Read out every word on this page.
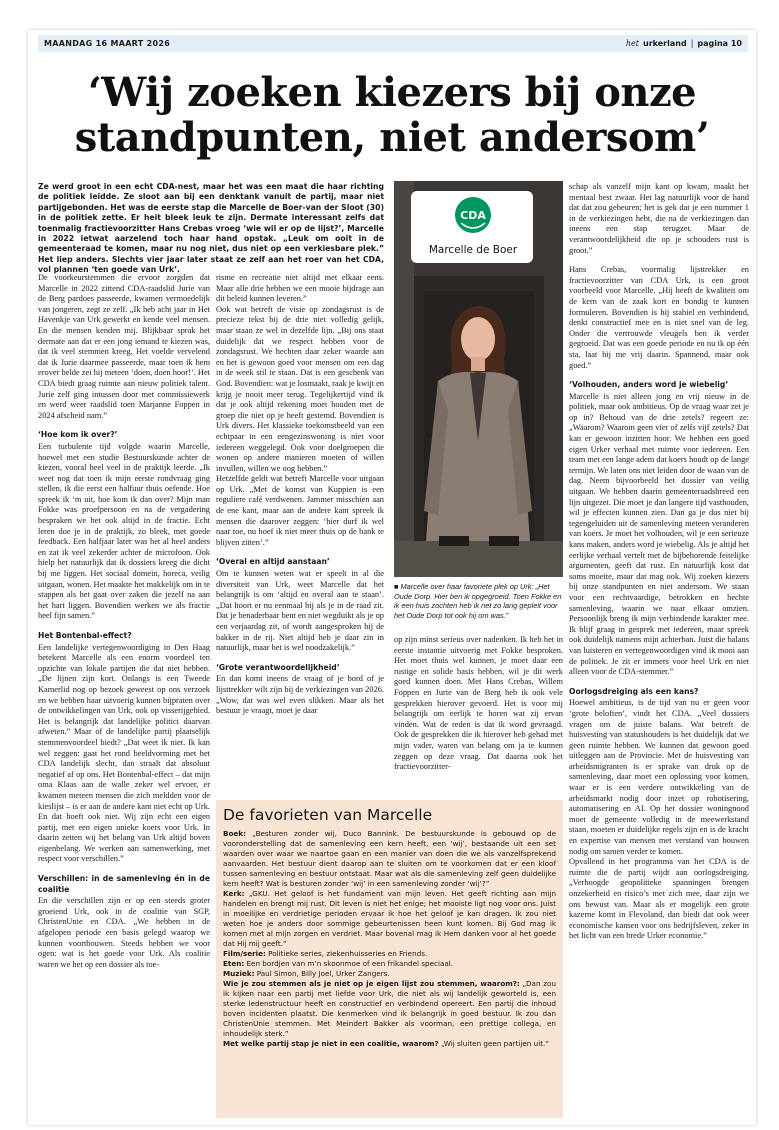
MAANDAG 16 MAART 2026	het urkerland | pagina 10
‘Wij zoeken kiezers bij onze
standpunten, niet andersom’

Ze werd groot in een echt CDA-nest, maar het was een maat die haar richting de politiek leidde. Ze sloot aan bij een denktank vanuit de partij, maar niet partijgebonden. Het was de eerste stap die Marcelle de Boer-van der Sloot (30) in de politiek zette. Er heit bleek leuk te zijn. Dermate interessant zelfs dat toenmalig fractievoorzitter Hans Crebas vroeg ‘wie wil er op de lijst?’, Marcelle in 2022 ietwat aarzelend toch haar hand opstak. „Leuk om ooit in de gemeenteraad te komen, maar nu nog niet, dus niet op een verkiesbare plek.” Het liep anders. Slechts vier jaar later staat ze zelf aan het roer van het CDA, vol plannen ‘ten goede van Urk’.

De voorkeurstemmen die ervoor zorgden dat Marcelle in 2022 zittend CDA-raadslid Jurie van de Berg pardoes passeerde, kwamen vermoedelijk van jongeren, zegt ze zelf. „Ik heb acht jaar in Het Havenkje van Urk gewerkt en kende veel mensen. En die mensen kenden mij. Blijkbaar sprak het dermate aan dat er een jong iemand te kiezen was, dat ik veel stemmen kreeg. Het voelde vervelend dat ik Jurie daarmee passeerde, maar toen ik hem erover belde zei hij meteen ‘doen, doen hoor!’. Het CDA biedt graag ruimte aan nieuw politiek talent. Jurie zelf ging intussen door met commissiewerk en werd weer raadslid toen Marjanne Foppen in 2024 afscheid nam.”

‘Hoe kom ik over?’

Een turbulente tijd volgde waarin Marcelle, hoewel met een studie Bestuurskunde achter de kiezen, vooral heel veel in de praktijk leerde. „Ik weet nog dat toen ik mijn eerste rondvraag ging stellen, ik die eerst een halfuur thuis oefende. Hoe spreek ik ‘m uit, hoe kom ik dan over? Mijn man Fokke was proefpersoon en na de vergadering bespraken we het ook altijd in de fractie. Echt leren doe je in de praktijk, zo bleek, met goede feedback. Een halfjaar later was het al heel anders en zat ik veel zekerder achter de microfoon. Ook hielp het natuurlijk dat ik dossiers kreeg die dicht bij me liggen. Het sociaal domein, horeca, veilig uitgaan, wonen. Het maakte het makkelijk om in te stappen als het gaat over zaken die jezelf na aan het hart liggen. Bovendien werken we als fractie heel fijn samen.”

Het Bontenbal-effect?

Een landelijke vertegenwoordiging in Den Haag betekent Marcelle als een enorm voordeel ten opzichte van lokale partijen die dat niet hebben. „De lijnen zijn kort. Onlangs is een Tweede Kamerlid nog op bezoek geweest op ons verzoek en we hebben haar uitvoerig kunnen bijpraten over de ontwikkelingen van Urk, ook op visserijgebied. Het is belangrijk dat landelijke politici daarvan afweten.” Maar of de landelijke partij plaatselijk stemmenvoordeel biedt? „Dat weet ik niet. Ik kan wel zeggen: gaat het rond beeldvorming met het CDA landelijk slecht, dan straalt dat absoluut negatief af op ons. Het Bontenbal-effect – dat mijn oma Klaas aan de walle zeker wel ervoer, er kwamen meteen mensen die zich meldden voor de kieslijst – is er aan de andere kant niet echt op Urk. En dat hoeft ook niet. Wij zijn echt een eigen partij, met een eigen unieke koers voor Urk. In daarin zetten wij het belang van Urk altijd boven eigenbelang. We werken aan samenwerking, met respect voor verschillen.”

Verschillen: in de samenleving én in de coalitie

En die verschillen zijn er op een steeds groter groeiend Urk, ook in de coalitie van SGP, ChristenUnie en CDA. „We hebben in de afgelopen periode een basis gelegd waarop we kunnen voortbouwen. Steeds hebben we voor ogen: wat is het goede voor Urk. Als coalitie waren we het op een dossier als toe-

risme en recreatie niet altijd met elkaar eens. Maar alle drie hebben we een mooie bijdrage aan dit beleid kunnen leveren.”

Ook wat betreft de visie op zondagsrust is de precieze tekst bij de drie niet volledig gelijk, maar staan ze wel in dezelfde lijn. „Bij ons staat duidelijk dat we respect hebben voor de zondagsrust. We hechten daar zeker waarde aan en het is gewoon goed voor mensen om een dag in de week stil te staan. Dat is een geschenk van God. Bovendien: wat je losmaakt, raak je kwijt en krijg je nooit meer terug. Tegelijkertijd vind ik dat je ook altijd rekening moet houden met de groep die niet op je heeft gestemd. Bovendien is Urk divers. Het klassieke toekomstbeeld van een echtpaar in een eengezinswoning is niet voor iedereen weggelegd. Ook voor doelgroepen die wonen op andere manieren moeten of willen invullen, willen we oog hebben.”

Hetzelfde geldt wat betreft Marcelle voor uitgaan op Urk. „Met de komst van Kuppien is een reguliere café verdwenen. Jammer misschien aan de ene kant, maar aan de andere kant spreek ik mensen die daarover zeggen: ‘hier durf ik wel naar toe, nu hoef ik niet meer thuis op de bank te blijven zitten’.”

‘Overal en altijd aanstaan’

Om te kunnen weten wat er speelt in al die diversiteit van Urk, weet Marcelle dat het belangrijk is om ‘altijd en overal aan te staan’. „Dat hoort er nu eenmaal bij als je in de raad zit. Dat je benaderbaar bent en niet wegduikt als je op een verjaardag zit, of wordt aangesproken bij de bakker in de rij. Niet altijd heb je daar zin in natuurlijk, maar het is wel noodzakelijk.”

‘Grote verantwoordelijkheid’

En dan komt ineens de vraag of je bord of je lijsttrekker wilt zijn bij de verkiezingen van 2026. „Wow, dat was wel even slikken. Maar als het bestuur je vraagt, moet je daar

CDA
Marcelle de Boer

■ Marcelle over haar favoriete plek op Urk: „Het Oude Dorp. Hier ben ik opgegroeid. Toen Fokke en ik een huis zochten heb ik net zo lang gepleit voor het Oude Dorp tot ook hij om was.”

op zijn minst serieus over nadenken. Ik heb het in eerste instantie uitvoerig met Fokke besproken. Het moet thuis wel kunnen, je moet daar een rustige en solide basis hebben, wil je dit werk goed kunnen doen. Met Hans Crebas, Willem Foppen en Jurie van de Berg heb ik ook vele gesprekken hierover gevoerd. Het is voor mij belangrijk om eerlijk te horen wat zij ervan vinden. Wat de reden is dat ik word gevraagd. Ook de gesprekken die ik hierover heb gehad met mijn vader, waren van belang om ja te kunnen zeggen op deze vraag. Dat daarna ook het fractievoorzitter-

schap als vanzelf mijn kant op kwam, maakt het mentaal best zwaar. Het lag natuurlijk voor de hand dat dat zou gebeuren; het is gek dat je een nummer 1 in de verkiezingen hebt, die na de verkiezingen dan ineens een stap terugzet. Maar de verantwoordelijkheid die op je schouders rust is groot.”

Hans Crebas, voormalig lijsttrekker en fractievoorzitter van CDA Urk, is een groot voorbeeld voor Marcelle. „Hij heeft de kwaliteit om de kern van de zaak kort en bondig te kunnen formuleren. Bovendien is hij stabiel en verbindend, denkt constructief mee en is niet snel van de leg. Onder die vertrouwde vleugels ben ik verder gegroeid. Dat was een goede periode en nu ik op één sta, laat hij me vrij daarin. Spannend, maar ook goed.”

‘Volhouden, anders word je wiebelig’

Marcelle is niet alleen jong en vrij nieuw in de politiek, maar ook ambitieus. Op de vraag waar zet je op in? Behoud van de drie zetels? regeert ze: „Waarom? Waarom geen vier of zelfs vijf zetels? Dat kan er gewoon inzitten hoor. We hebben een goed eigen Urker verhaal met ruimte voor iedereen. Een team met een lange adem dat koers houdt op de lange termijn. We laten ons niet leiden door de waan van de dag. Neem bijvoorbeeld het dossier van veilig uitgaan. We hebben daarin gemeenteraadsbreed een lijn uitgezet. Die moet je dan langere tijd vasthouden, wil je effecten kunnen zien. Dan ga je dus niet bij tegengeluiden uit de samenleving meteen veranderen van koers. Je moet het volhouden, wil je een serieuze kans maken, anders word je wiebelig. Als je altijd het eerlijke verhaal vertelt met de bijbehorende feitelijke argumenten, geeft dat rust. En natuurlijk kost dat soms moeite, maar dat mag ook. Wij zoeken kiezers bij onze standpunten en niet andersom. We staan voor een rechtvaardige, betrokken en hechte samenleving, waarin we naar elkaar omzien. Persoonlijk breng ik mijn verbindende karakter mee. Ik blijf graag in gesprek met iedereen, maar spreek ook duidelijk namens mijn achterban. Juist die balans van luisteren en vertegenwoordigen vind ik mooi aan de politiek. Je zit er immers voor heel Urk en niet alleen voor de CDA-stemmer.”

Oorlogsdreiging als een kans?

Hoewel ambitieus, is de tijd van nu er geen voor ‘grote beloften’, vindt het CDA. „Veel dossiers vragen om de juiste balans. Wat betreft de huisvesting van statushouders is het duidelijk dat we geen ruimte hebben. We kunnen dat gewoon goed uitleggen aan de Provincie. Met de huisvesting van arbeidsmigranten is er sprake van druk op de samenleving, daar moet een oplossing voor komen, waar er is een verdere ontwikkeling van de arbeidsmarkt nodig door inzet op robotisering, automatisering en AI. Op het dossier woningnood moet de gemeente volledig in de meewerkstand staan, moeten er duidelijke regels zijn en is de kracht en expertise van mensen met verstand van bouwen nodig om samen verder te komen.

Opvallend in het programma van het CDA is de ruimte die de partij wijdt aan oorlogsdreiging. „Verhoogde geopolitieke spanningen brengen onzekerheid en risico’s met zich mee, daar zijn we ons bewust van. Maar als er mogelijk een grote kazerne komt in Flevoland, dan biedt dat ook weer economische kansen voor ons bedrijfsleven, zeker in het licht van een brede Urker economie.”

De favorieten van Marcelle

Boek: „Besturen zonder wij, Duco Bannink. De bestuurskunde is gebouwd op de vooronderstelling dat de samenleving een kern heeft, een ‘wij’, bestaande uit een set waarden over waar we naartoe gaan en een manier van doen die we als vanzelfsprekend aanvaarden. Het bestuur dient daarop aan te sluiten om te voorkomen dat er een kloof tussen samenleving en bestuur ontstaat. Maar wat als die samenleving zelf geen duidelijke kern heeft? Wat is besturen zonder ‘wij’ in een samenleving zonder ‘wij’?”

Kerk: „GKU. Het geloof is het fundament van mijn leven. Het geeft richting aan mijn handelen en brengt mij rust. Dit leven is niet het enige; het mooiste ligt nog voor ons. Juist in moeilijke en verdrietige perioden ervaar ik hoe het geloof je kan dragen. Ik zou niet weten hoe je anders door sommige gebeurtenissen heen kunt komen. Bij God mag ik komen met al mijn zorgen en verdriet. Maar bovenal mag ik Hem danken voor al het goede dat Hij mij geeft.”

Film/serie: Politieke series, ziekenhuisseries en Friends.

Eten: Een bordjen van m’n skoonmoe of een frikandel speciaal.

Muziek: Paul Simon, Billy Joel, Urker Zangers.

Wie je zou stemmen als je niet op je eigen lijst zou stemmen, waarom?: „Dan zou ik kijken naar een partij met liefde voor Urk, die niet als wij landelijk geworteld is, een sterke ledenstructuur heeft en constructief en verbindend opereert. Een partij die inhoud boven incidenten plaatst. Die kenmerken vind ik belangrijk in goed bestuur. Ik zou dan ChristenUnie stemmen. Met Meindert Bakker als voorman, een prettige collega, en inhoudelijk sterk.”

Met welke partij stap je niet in een coalitie, waarom? „Wij sluiten geen partijen uit.”
